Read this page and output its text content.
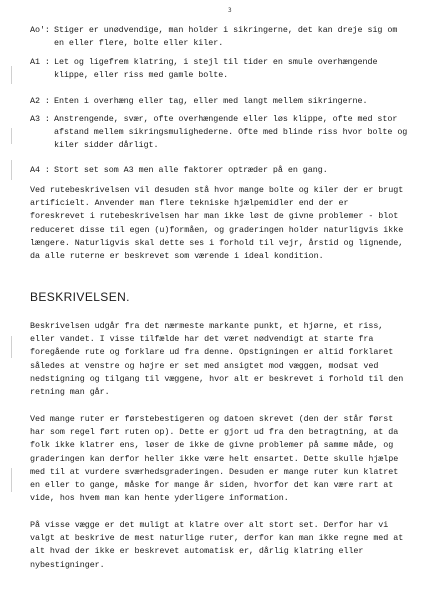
3
Ao': Stiger er unødvendige, man holder i sikringerne, det kan dreje sig om en eller flere, bolte eller kiler.
A1 : Let og ligefrem klatring, i stejl til tider en smule overhængende klippe, eller riss med gamle bolte.
A2 : Enten i overhæng eller tag, eller med langt mellem sikringerne.
A3 : Anstrengende, svær, ofte overhængende eller løs klippe, ofte med stor afstand mellem sikringsmulighederne. Ofte med blinde riss hvor bolte og kiler sidder dårligt.
A4 : Stort set som A3 men alle faktorer optræder på en gang.
Ved rutebeskrivelsen vil desuden stå hvor mange bolte og kiler der er brugt artificielt. Anvender man flere tekniske hjælpemidler end der er foreskrevet i rutebeskrivelsen har man ikke løst de givne problemer - blot reduceret disse til egen (u)formåen, og graderingen holder naturligvis ikke længere. Naturligvis skal dette ses i forhold til vejr, årstid og lignende, da alle ruterne er beskrevet som værende i ideal kondition.
BESKRIVELSEN.
Beskrivelsen udgår fra det nærmeste markante punkt, et hjørne, et riss, eller vandet. I visse tilfælde har det været nødvendigt at starte fra foregående rute og forklare ud fra denne. Opstigningen er altid forklaret således at venstre og højre er set med ansigtet mod væggen, modsat ved nedstigning og tilgang til væggene, hvor alt er beskrevet i forhold til den retning man går.
Ved mange ruter er førstebestigeren og datoen skrevet (den der står først har som regel ført ruten op). Dette er gjort ud fra den betragtning, at da folk ikke klatrer ens, løser de ikke de givne problemer på samme måde, og graderingen kan derfor heller ikke være helt ensartet. Dette skulle hjælpe med til at vurdere sværhedsgraderingen. Desuden er mange ruter kun klatret en eller to gange, måske for mange år siden, hvorfor det kan være rart at vide, hos hvem man kan hente yderligere information.
På visse vægge er det muligt at klatre over alt stort set. Derfor har vi valgt at beskrive de mest naturlige ruter, derfor kan man ikke regne med at alt hvad der ikke er beskrevet automatisk er, dårlig klatring eller nybestigninger.
